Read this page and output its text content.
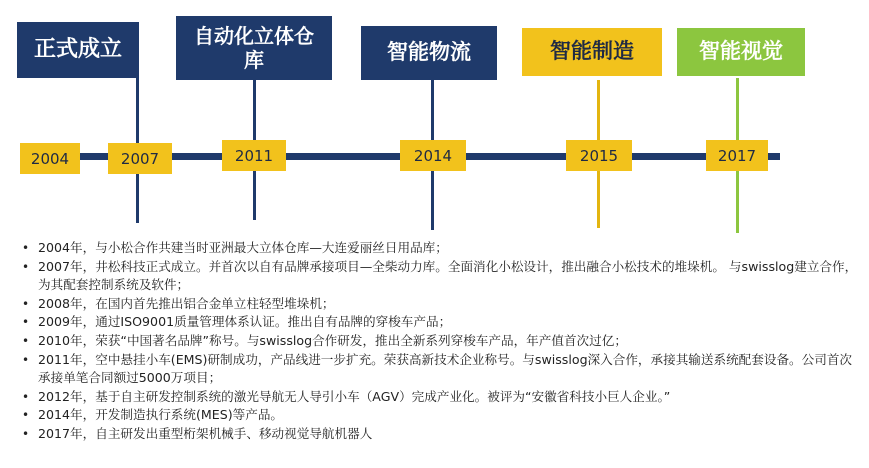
正式成立
自动化立体仓库	智能物流	智能制造	智能视觉
2004	2007	2011	2014	2015	2017
• 2004年，与小松合作共建当时亚洲最大立体仓库—大连爱丽丝日用品库；
• 2007年，井松科技正式成立。并首次以自有品牌承接项目—全柴动力库。全面消化小松设计，推出融合小松技术的堆垛机。 与swisslog建立合作，为其配套控制系统及软件；
• 2008年，在国内首先推出铝合金单立柱轻型堆垛机；
• 2009年，通过ISO9001质量管理体系认证。推出自有品牌的穿梭车产品；
• 2010年，荣获“中国著名品牌”称号。与swisslog合作研发，推出全新系列穿梭车产品，年产值首次过亿；
• 2011年，空中悬挂小车(EMS)研制成功，产品线进一步扩充。荣获高新技术企业称号。与swisslog深入合作，承接其输送系统配套设备。公司首次承接单笔合同额过5000万项目；
• 2012年，基于自主研发控制系统的激光导航无人导引小车（AGV）完成产业化。被评为“安徽省科技小巨人企业。”
• 2014年，开发制造执行系统(MES)等产品。
• 2017年，自主研发出重型桁架机械手、移动视觉导航机器人
